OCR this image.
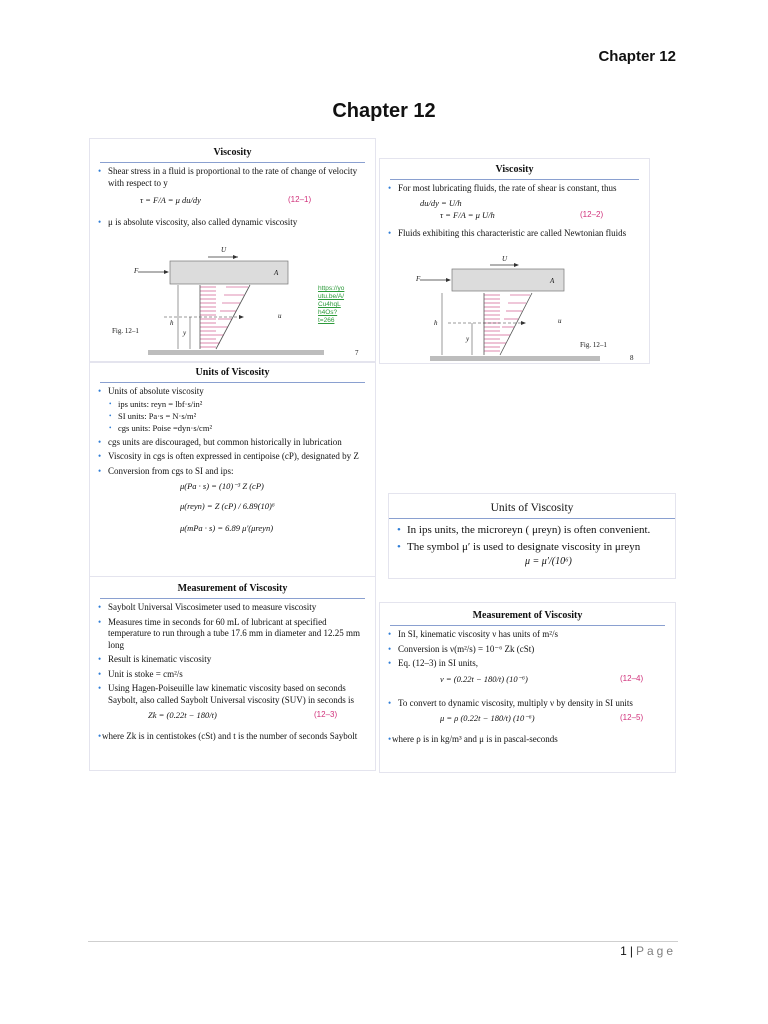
Chapter 12
Chapter 12
Viscosity
• Shear stress in a fluid is proportional to the rate of change of velocity with respect to y
τ = F/A = μ du/dy	(12–1)
• μ is absolute viscosity, also called dynamic viscosity
U
F	A
h
y
u
Fig. 12–1
https://yo utu.be/A/ Cu4hqL h4Os?t=266
7
Viscosity
• For most lubricating fluids, the rate of shear is constant, thus
du/dy = U/h
τ = F/A = μ U/h	(12–2)
• Fluids exhibiting this characteristic are called Newtonian fluids
U
F	A
h
y
u
Fig. 12–1
8
Units of Viscosity
• Units of absolute viscosity
• ips units: reyn = lbf·s/in²
• SI units: Pa·s = N·s/m²
• cgs units: Poise =dyn·s/cm²
• cgs units are discouraged, but common historically in lubrication
• Viscosity in cgs is often expressed in centipoise (cP), designated by Z
• Conversion from cgs to SI and ips:
μ(Pa · s) = (10)⁻³ Z (cP)
μ(reyn) = Z (cP) / 6.89(10)⁶
μ(mPa · s) = 6.89 μ′(μreyn)
Units of Viscosity
• In ips units, the microreyn ( μreyn) is often convenient.
• The symbol μ′ is used to designate viscosity in μreyn
μ = μ′/(10⁶)
Measurement of Viscosity
• Saybolt Universal Viscosimeter used to measure viscosity
• Measures time in seconds for 60 mL of lubricant at specified temperature to run through a tube 17.6 mm in diameter and 12.25 mm long
• Result is kinematic viscosity
• Unit is stoke = cm²/s
• Using Hagen-Poiseuille law kinematic viscosity based on seconds Saybolt, also called Saybolt Universal viscosity (SUV) in seconds is
Zk = (0.22t − 180/t)	(12–3)
• where Zk is in centistokes (cSt) and t is the number of seconds Saybolt
Measurement of Viscosity
• In SI, kinematic viscosity ν has units of m²/s
• Conversion is ν(m²/s) = 10⁻⁶ Zk (cSt)
• Eq. (12–3) in SI units,
ν = (0.22t − 180/t) (10⁻⁶)	(12–4)
• To convert to dynamic viscosity, multiply ν by density in SI units
μ = ρ (0.22t − 180/t) (10⁻⁶)	(12–5)
• where ρ is in kg/m³ and μ is in pascal-seconds
1 | Page
